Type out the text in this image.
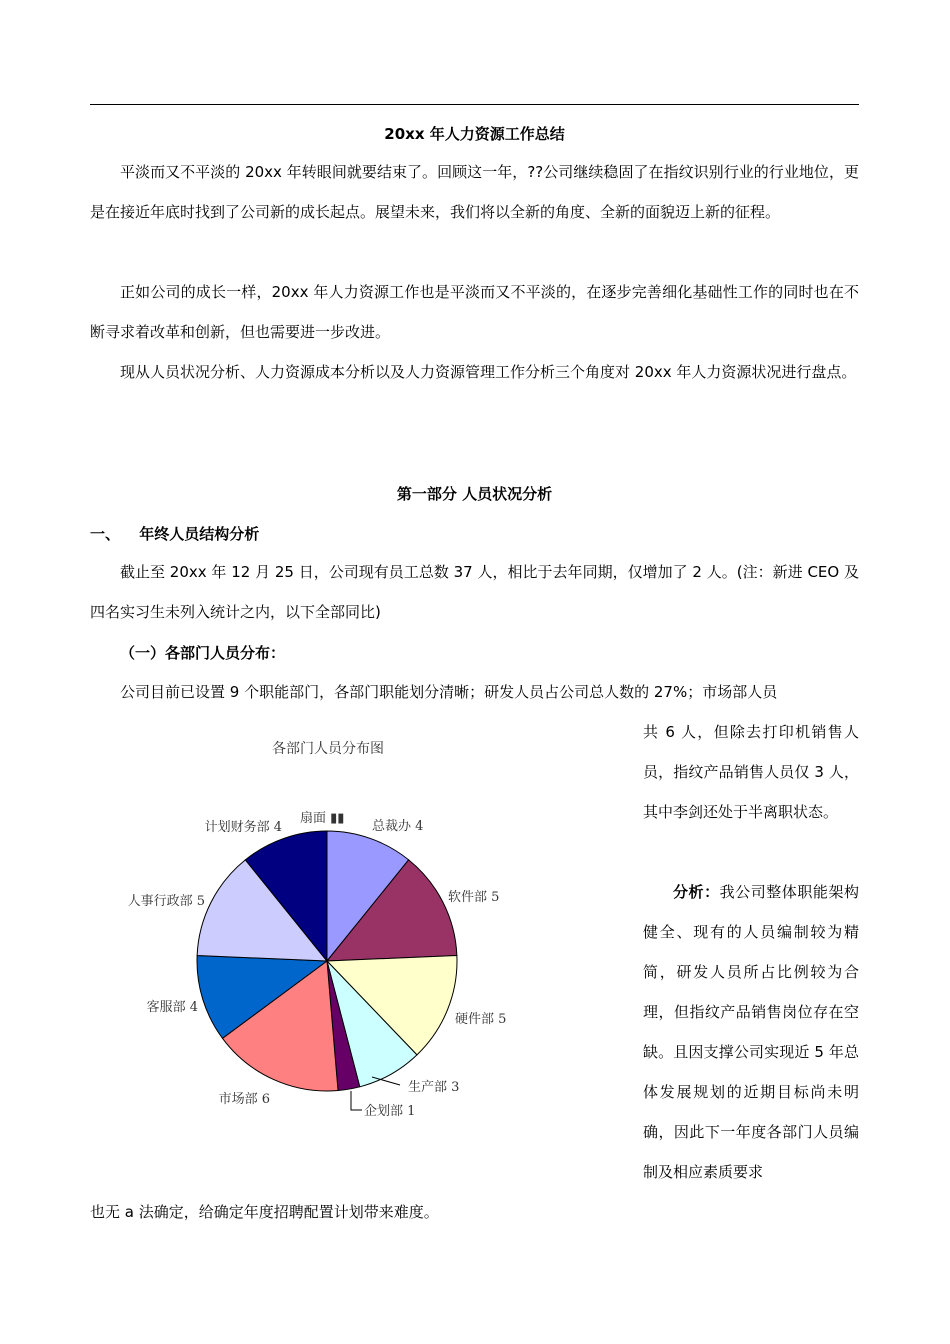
20xx 年人力资源工作总结

平淡而又不平淡的 20xx 年转眼间就要结束了。回顾这一年，??公司继续稳固了在指纹识别行业的行业地位，更是在接近年底时找到了公司新的成长起点。展望未来，我们将以全新的角度、全新的面貌迈上新的征程。

正如公司的成长一样，20xx 年人力资源工作也是平淡而又不平淡的，在逐步完善细化基础性工作的同时也在不断寻求着改革和创新，但也需要进一步改进。

现从人员状况分析、人力资源成本分析以及人力资源管理工作分析三个角度对 20xx 年人力资源状况进行盘点。

第一部分 人员状况分析
一、 年终人员结构分析

截止至 20xx 年 12 月 25 日，公司现有员工总数 37 人，相比于去年同期，仅增加了 2 人。(注：新进 CEO 及四名实习生未列入统计之内，以下全部同比)

（一）各部门人员分布：

公司目前已设置 9 个职能部门，各部门职能划分清晰；研发人员占公司总人数的 27%；市场部人员

共 6 人，但除去打印机销售人员，指纹产品销售人员仅 3 人，其中李剑还处于半离职状态。

分析：我公司整体职能架构健全、现有的人员编制较为精简，研发人员所占比例较为合理，但指纹产品销售岗位存在空缺。且因支撑公司实现近 5 年总体发展规划的近期目标尚未明确，因此下一年度各部门人员编制及相应素质要求

也无 a 法确定，给确定年度招聘配置计划带来难度。

各部门人员分布图
扇面 ▮▮
总裁办 4
软件部 5
硬件部 5
生产部 3
企划部 1
市场部 6
客服部 4
人事行政部 5
计划财务部 4
